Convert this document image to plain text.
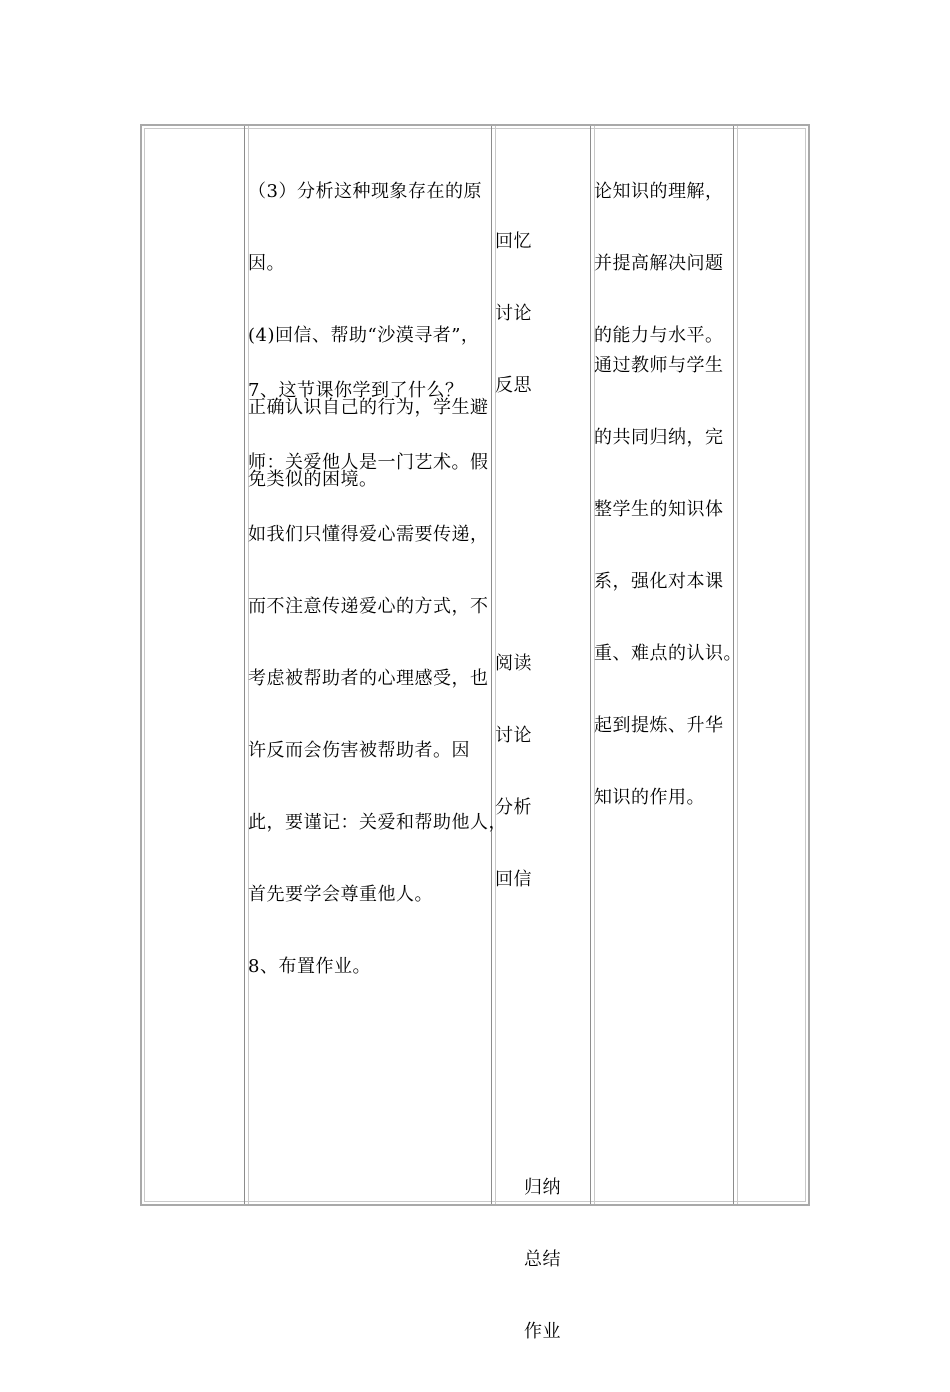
（3）分析这种现象存在的原

因。

(4)回信、帮助“沙漠寻者”，

正确认识自己的行为，学生避

免类似的困境。

7、这节课你学到了什么？

师：关爱他人是一门艺术。假

如我们只懂得爱心需要传递，

而不注意传递爱心的方式，不

考虑被帮助者的心理感受，也

许反而会伤害被帮助者。因

此，要谨记：关爱和帮助他人，

首先要学会尊重他人。

8、布置作业。

回忆

讨论

反思

阅读

讨论

分析

回信

归纳

总结

作业

论知识的理解，

并提高解决问题

的能力与水平。

通过教师与学生

的共同归纳，完

整学生的知识体

系，强化对本课

重、难点的认识。

起到提炼、升华

知识的作用。
